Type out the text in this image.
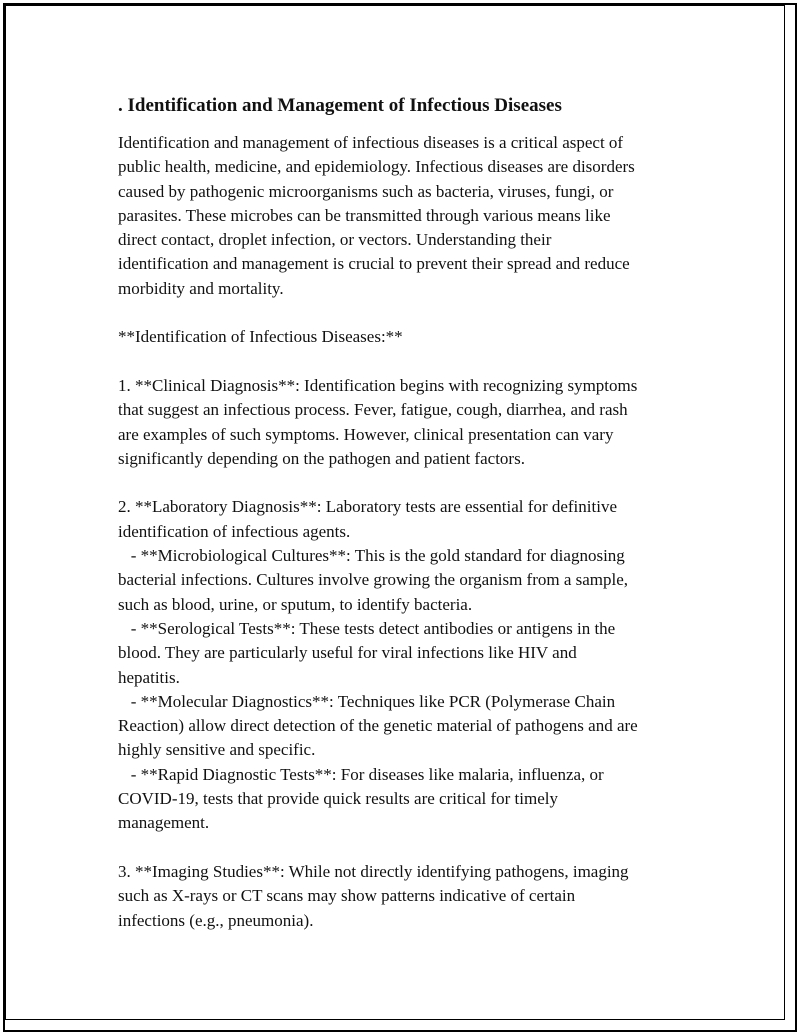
. Identification and Management of Infectious Diseases
Identification and management of infectious diseases is a critical aspect of
public health, medicine, and epidemiology. Infectious diseases are disorders
caused by pathogenic microorganisms such as bacteria, viruses, fungi, or
parasites. These microbes can be transmitted through various means like
direct contact, droplet infection, or vectors. Understanding their
identification and management is crucial to prevent their spread and reduce
morbidity and mortality.
**Identification of Infectious Diseases:**
1. **Clinical Diagnosis**: Identification begins with recognizing symptoms
that suggest an infectious process. Fever, fatigue, cough, diarrhea, and rash
are examples of such symptoms. However, clinical presentation can vary
significantly depending on the pathogen and patient factors.
2. **Laboratory Diagnosis**: Laboratory tests are essential for definitive
identification of infectious agents.
- **Microbiological Cultures**: This is the gold standard for diagnosing
bacterial infections. Cultures involve growing the organism from a sample,
such as blood, urine, or sputum, to identify bacteria.
- **Serological Tests**: These tests detect antibodies or antigens in the
blood. They are particularly useful for viral infections like HIV and
hepatitis.
- **Molecular Diagnostics**: Techniques like PCR (Polymerase Chain
Reaction) allow direct detection of the genetic material of pathogens and are
highly sensitive and specific.
- **Rapid Diagnostic Tests**: For diseases like malaria, influenza, or
COVID-19, tests that provide quick results are critical for timely
management.
3. **Imaging Studies**: While not directly identifying pathogens, imaging
such as X-rays or CT scans may show patterns indicative of certain
infections (e.g., pneumonia).
